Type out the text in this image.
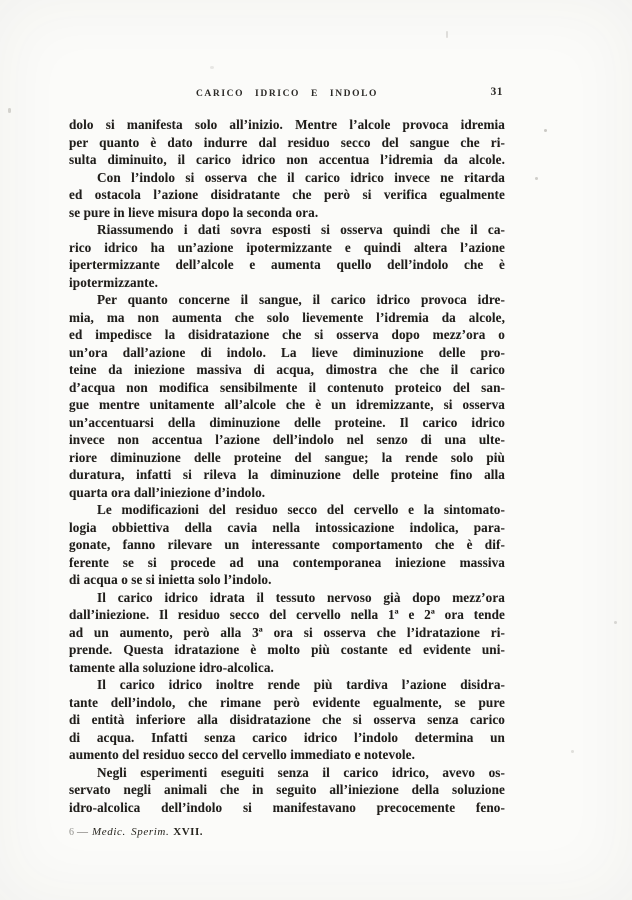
CARICO IDRICO E INDOLO	31
dolo si manifesta solo all’inizio. Mentre l’alcole provoca idremia
per quanto è dato indurre dal residuo secco del sangue che ri-
sulta diminuito, il carico idrico non accentua l’idremia da alcole.
Con l’indolo si osserva che il carico idrico invece ne ritarda
ed ostacola l’azione disidratante che però si verifica egualmente
se pure in lieve misura dopo la seconda ora.
Riassumendo i dati sovra esposti si osserva quindi che il ca-
rico idrico ha un’azione ipotermizzante e quindi altera l’azione
ipertermizzante dell’alcole e aumenta quello dell’indolo che è
ipotermizzante.
Per quanto concerne il sangue, il carico idrico provoca idre-
mia, ma non aumenta che solo lievemente l’idremia da alcole,
ed impedisce la disidratazione che si osserva dopo mezz’ora o
un’ora dall’azione di indolo. La lieve diminuzione delle pro-
teine da iniezione massiva di acqua, dimostra che che il carico
d’acqua non modifica sensibilmente il contenuto proteico del san-
gue mentre unitamente all’alcole che è un idremizzante, si osserva
un’accentuarsi della diminuzione delle proteine. Il carico idrico
invece non accentua l’azione dell’indolo nel senzo di una ulte-
riore diminuzione delle proteine del sangue; la rende solo più
duratura, infatti si rileva la diminuzione delle proteine fino alla
quarta ora dall’iniezione d’indolo.
Le modificazioni del residuo secco del cervello e la sintomato-
logia obbiettiva della cavia nella intossicazione indolica, para-
gonate, fanno rilevare un interessante comportamento che è dif-
ferente se si procede ad una contemporanea iniezione massiva
di acqua o se si inietta solo l’indolo.
Il carico idrico idrata il tessuto nervoso già dopo mezz’ora
dall’iniezione. Il residuo secco del cervello nella 1ª e 2ª ora tende
ad un aumento, però alla 3ª ora si osserva che l’idratazione ri-
prende. Questa idratazione è molto più costante ed evidente uni-
tamente alla soluzione idro-alcolica.
Il carico idrico inoltre rende più tardiva l’azione disidra-
tante dell’indolo, che rimane però evidente egualmente, se pure
di entità inferiore alla disidratazione che si osserva senza carico
di acqua. Infatti senza carico idrico l’indolo determina un
aumento del residuo secco del cervello immediato e notevole.
Negli esperimenti eseguiti senza il carico idrico, avevo os-
servato negli animali che in seguito all’iniezione della soluzione
idro-alcolica dell’indolo si manifestavano precocemente feno-
6 — Medic. Sperim. XVII.
